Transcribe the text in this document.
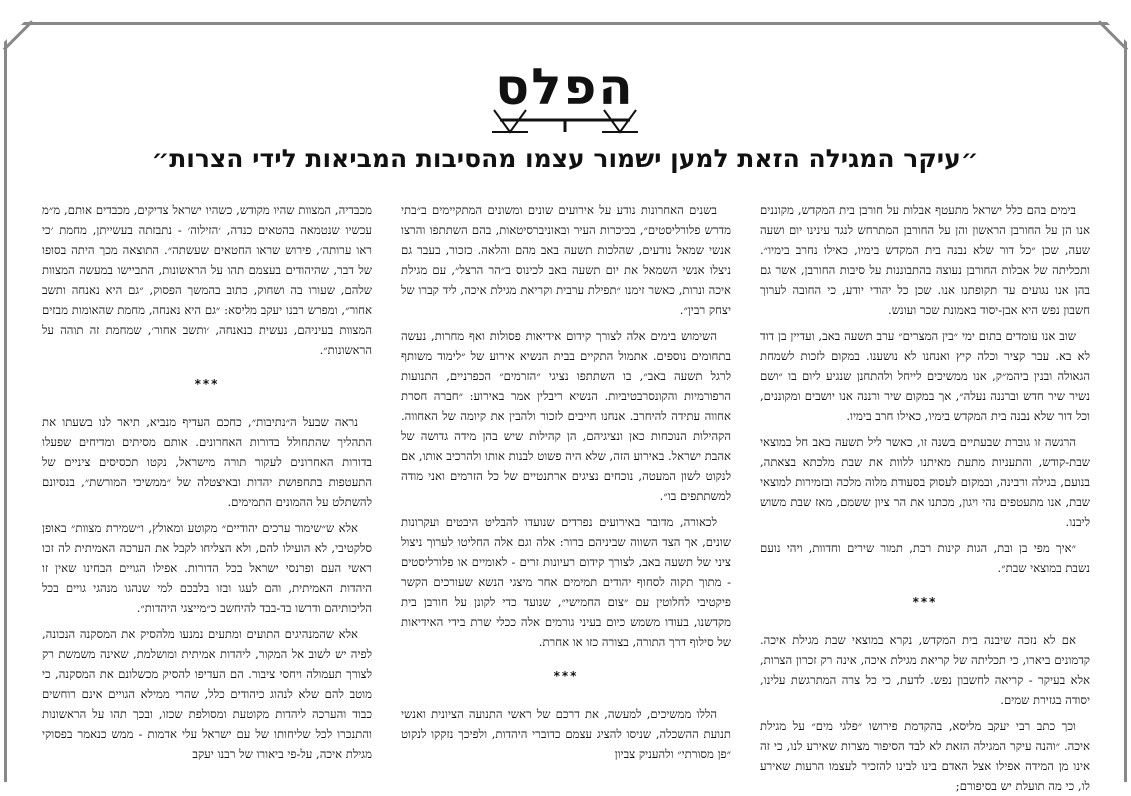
הפלס
״עיקר המגילה הזאת למען ישמור עצמו מהסיבות המביאות לידי הצרות״

בימים בהם כלל ישראל מתעטף אבלות על חורבן בית המקדש, מקוננים אנו הן על החורבן הראשון והן על החורבן המתרחש לנגד עינינו יום ושעה שעה, שכן ״כל דור שלא נבנה בית המקדש בימיו, כאילו נחרב בימיו״. ותכליתה של אבלות החורבן נעוצה בהתבוננות על סיבות החורבן, אשר גם בהן אנו נגועים עד תקופתנו אנו. שכן כל יהודי יודע, כי החובה לערוך חשבון נפש היא אבן-יסוד באמונת שכר ועונש.

שוב אנו עומדים בתום ימי ״בין המצרים״ ערב תשעה באב, ועדיין בן דוד לא בא. עבר קציר וכלה קיץ ואנחנו לא נושענו. במקום לזכות לשמחת הגאולה ובנין ביהמ״ק, אנו ממשיכים לייחל ולהתחנן שנגיע ליום בו ״ושם נשיר שיר חדש וברננה נעלה״, אך במקום שיר ורננה אנו יושבים ומקוננים, וכל דור שלא נבנה בית המקדש בימיו, כאילו חרב בימיו.

הרגשה זו גוברת שבעתיים בשנה זו, כאשר ליל תשעה באב חל במוצאי שבת-קודש, והתעניות מתעת מאיתנו ללוות את שבת מלכתא בצאתה, בנועם, בגילה ורבינה, ובמקום לעסוק בסעודת מלוה מלכה ובזמירות למוצאי שבת, אנו מתעטפים נהי ויגון, מכתנו את הר ציון ששמם, מאז שבת משוש ליבנו.

״איך מפי בן ובת, הגות קינות רבת, תמור שירים וחדוות, ויהי נועם נשבת במוצאי שבת״.

***

אם לא נזכה שיבנה בית המקדש, נקרא במוצאי שבת מגילת איכה. קדמונים ביארו, כי תכליתה של קריאת מגילת איכה, אינה רק זכרון הצרות, אלא בעיקר - קריאה לחשבון נפש. לדעת, כי כל צרה המתרגשת עלינו, יסודה בגזירת שמים.

וכך כתב רבי יעקב מליסא, בהקדמת פירושו ״פלגי מים״ על מגילת איכה. ״והנה עיקר המגילה הזאת לא לבד הסיפור מצרות שאירע לנו, כי זה אינו מן המידה אפילו אצל האדם בינו לבינו להזכיר לעצמו הרעות שאירע לו, כי מה תועלת יש בסיפורם;

בשנים האחרונות נודע על אירועים שונים ומשונים המתקיימים ב״בתי מדרש פלורליסטים״, בכיכרות העיר ובאוניברסיטאות, בהם השתתפו והרצו אנשי שמאל נודעים, שהלכות תשעה באב מהם והלאה. כזכור, בעבר גם ניצלו אנשי השמאל את יום תשעה באב לכינוס ב״הר הרצל״, עם מגילת איכה ונרות, כאשר זימנו ״תפילת ערבית וקריאת מגילת איכה, ליד קברו של יצחק רבין״.

השימוש בימים אלה לצורך קידום אידיאות פסולות ואף מחרות, נעשה בתחומים נוספים. אתמול התקיים בבית הנשיא אירוע של ״לימוד משותף לרגל תשעה באב״, בו השתתפו נציגי ״הזרמים״ הכפרניים, התנועות הרפורמיות והקונסרבטיביות. הנשיא ריבלין אמר באירוע: ״חברה חסרת אחווה עתידה להיחרב. אנחנו חייבים לזכור ולהבין את קיומה של האחווה. הקהילות הנוכחות כאן ונציגיהם, הן קהילות שיש בהן מידה גדושה של אהבת ישראל. באירוע הזה, שלא היה פשוט לבנות אותו ולהרכיב אותו, אם לנקוט לשון המעטה, נוכחים נציגים ארתנטיים של כל הזרמים ואני מודה למשתתפים בו״.

לכאורה, מדובר באירועים נפרדים שנועדו להבליט היבטים ועקרונות שונים, אך הצד השווה שביניהם ברור: אלה וגם אלה החליטו לערוך ניצול ציני של תשעה באב, לצורך קידום רעיונות זרים - לאומיים או פלורליסטים - מתוך תקוה לסחוף יהודים תמימים אחר מיצגי הנשא שעורכים הקשר פיקטיבי לחלוטין עם ״צום החמישי״, שנועד כדי לקונן על חורבן בית מקדשנו, בעודו משמש כיום בעיני גורמים אלה ככלי שרת בידי האידיאות של סילוף דרך התורה, בצורה כזו או אחרת.

***

הללו ממשיכים, למעשה, את דרכם של ראשי התנועה הציונית ואנשי תנועת ההשכלה, שניסו להציג עצמם כדוברי היהדות, ולפיכך נזקקו לנקוט ״פן מסורתי״ ולהעניק צביון

מכבדיה, המצוות שהיו מקודש, כשהיו ישראל צדיקים, מכבדים אותם, מ״מ עכשיו שנטמאה בהטאים כנדה, ׳הזילוה׳ - נתבזתה בעשייתן, מחמת ׳כי ראו ערותה׳, פירוש שראו החטאים שעשתה״. התוצאה מכך היתה בסופו של דבר, שהיהודים בעצמם תהו על הראשונות, התביישו במעשה המצוות שלהם, שעורו בה ושחוק, כתוב בהמשך הפסוק, ״גם היא נאנחה ותשב אחור״, ומפרש רבנו יעקב מליסא: ״גם היא נאנחה, מחמת שהאומות מבזים המצוות בעיניהם, נעשית כנאנחה, ׳ותשב אחור׳, שמחמת זה תוהה על הראשונות״.

***

נראה שבעל ה״נתיבות״, כחכם העדיף מנביא, תיאר לנו בשעתו את התהליך שהתחולל בדורות האחרונים. אותם מסיתים ומדיחים שפעלו בדורות האחרונים לעקור תורה מישראל, נקטו תכסיסים ציניים של התעטפות בתחפושת יהדות ובאיצטלה של ״ממשיכי המורשת״, בנסיונם להשתלט על ההמונים התמימים.

אלא ש״שימור ערכים יהודיים״ מקוטע ומאולץ, ו״שמירת מצוות״ באופן סלקטיבי, לא הועילו להם, ולא הצליחו לקבל את הערכה האמיתית לה זכו ראשי העם ופרנסי ישראל בכל הדורות. אפילו הגויים הבחינו שאין זו היהדות האמיתית, והם לעגו ובזו בלבכם למי שנהגו מנהגי גויים בכל הליכותיהם ודרשו בד-בבד להיחשב כ״מייצגי היהדות״.

אלא שהמנהיגים התועים ומתעים נמנעו מלהסיק את המסקנה הנכונה, לפיה יש לשוב אל המקור, ליהדות אמיתית ומושלמת, שאינה משמשת רק לצורך תעמולה ויחסי ציבור. הם העדיפו להסיק מכשלונם את המסקנה, כי מוטב להם שלא לנהוג כיהודים כלל, שהרי ממילא הגויים אינם רוחשים כבוד והערכה ליהדות מקוטעת ומסולפת שכזו, ובכך תהו על הראשונות והתנכרו לכל שליחותו של עם ישראל עלי אדמות - ממש כנאמר בפסוקי מגילת איכה, על-פי ביאורו של רבנו יעקב
